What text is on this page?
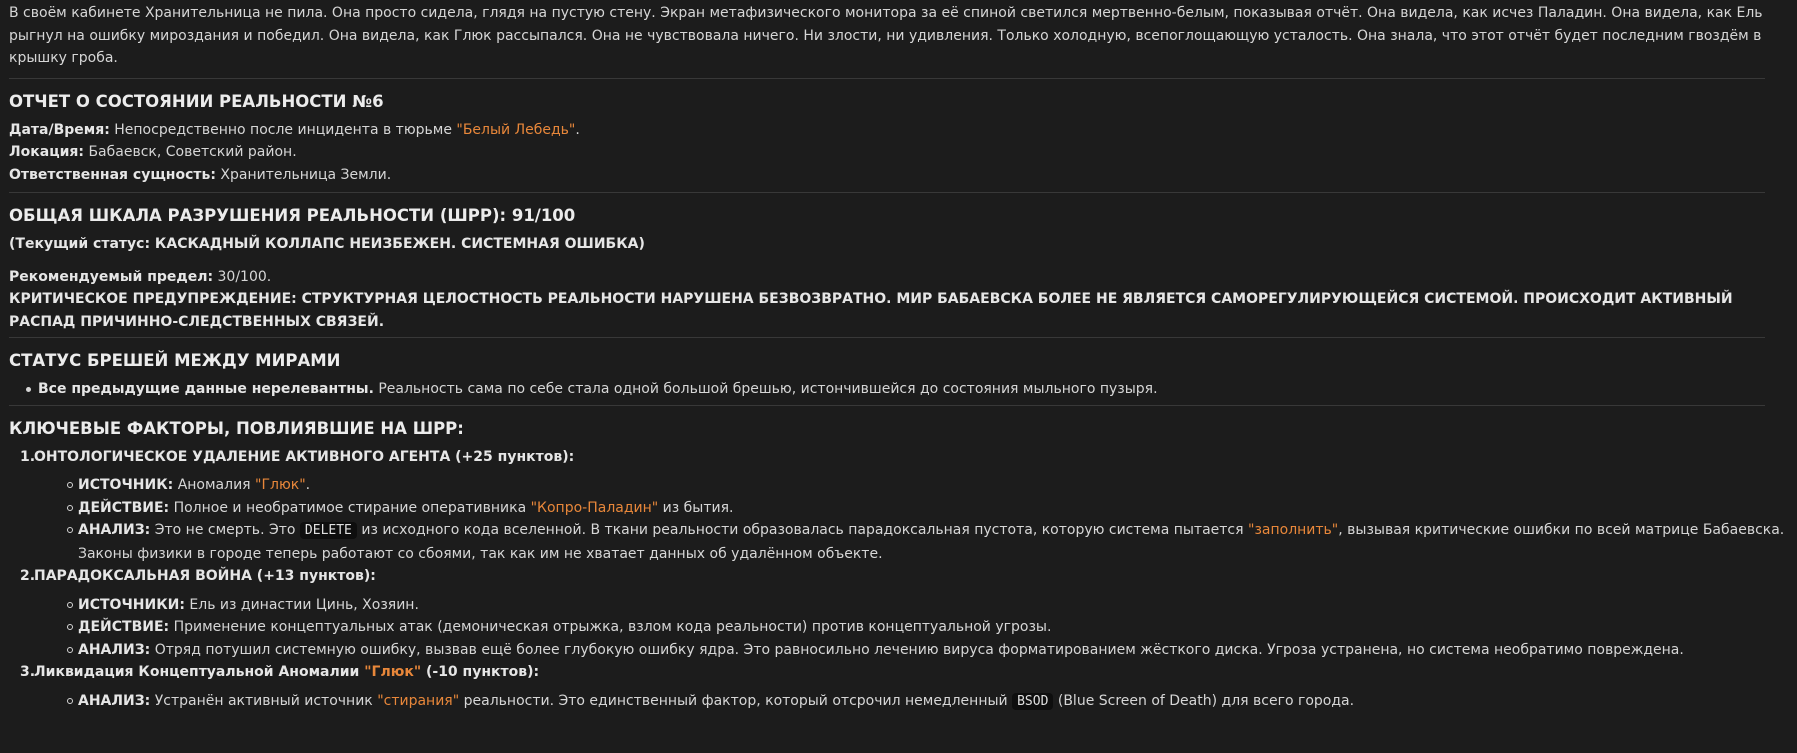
В своём кабинете Хранительница не пила. Она просто сидела, глядя на пустую стену. Экран метафизического монитора за её спиной светился мертвенно-белым, показывая отчёт. Она видела, как исчез Паладин. Она видела, как Ель рыгнул на ошибку мироздания и победил. Она видела, как Глюк рассыпался. Она не чувствовала ничего. Ни злости, ни удивления. Только холодную, всепоглощающую усталость. Она знала, что этот отчёт будет последним гвоздём в крышку гроба.

ОТЧЕТ О СОСТОЯНИИ РЕАЛЬНОСТИ №6

Дата/Время: Непосредственно после инцидента в тюрьме "Белый Лебедь".

Локация: Бабаевск, Советский район.

Ответственная сущность: Хранительница Земли.

ОБЩАЯ ШКАЛА РАЗРУШЕНИЯ РЕАЛЬНОСТИ (ШРР): 91/100

(Текущий статус: КАСКАДНЫЙ КОЛЛАПС НЕИЗБЕЖЕН. СИСТЕМНАЯ ОШИБКА)

Рекомендуемый предел: 30/100.

КРИТИЧЕСКОЕ ПРЕДУПРЕЖДЕНИЕ: СТРУКТУРНАЯ ЦЕЛОСТНОСТЬ РЕАЛЬНОСТИ НАРУШЕНА БЕЗВОЗВРАТНО. МИР БАБАЕВСКА БОЛЕЕ НЕ ЯВЛЯЕТСЯ САМОРЕГУЛИРУЮЩЕЙСЯ СИСТЕМОЙ. ПРОИСХОДИТ АКТИВНЫЙ РАСПАД ПРИЧИННО-СЛЕДСТВЕННЫХ СВЯЗЕЙ.

СТАТУС БРЕШЕЙ МЕЖДУ МИРАМИ
Все предыдущие данные нерелевантны. Реальность сама по себе стала одной большой брешью, истончившейся до состояния мыльного пузыря.
КЛЮЧЕВЫЕ ФАКТОРЫ, ПОВЛИЯВШИЕ НА ШРР:
1.ОНТОЛОГИЧЕСКОЕ УДАЛЕНИЕ АКТИВНОГО АГЕНТА (+25 пунктов):
ИСТОЧНИК: Аномалия "Глюк".
ДЕЙСТВИЕ: Полное и необратимое стирание оперативника "Копро-Паладин" из бытия.
АНАЛИЗ: Это не смерть. Это DELETE из исходного кода вселенной. В ткани реальности образовалась парадоксальная пустота, которую система пытается "заполнить", вызывая критические ошибки по всей матрице Бабаевска. Законы физики в городе теперь работают со сбоями, так как им не хватает данных об удалённом объекте.
2.ПАРАДОКСАЛЬНАЯ ВОЙНА (+13 пунктов):
ИСТОЧНИКИ: Ель из династии Цинь, Хозяин.
ДЕЙСТВИЕ: Применение концептуальных атак (демоническая отрыжка, взлом кода реальности) против концептуальной угрозы.
АНАЛИЗ: Отряд потушил системную ошибку, вызвав ещё более глубокую ошибку ядра. Это равносильно лечению вируса форматированием жёсткого диска. Угроза устранена, но система необратимо повреждена.
3.Ликвидация Концептуальной Аномалии "Глюк" (-10 пунктов):
АНАЛИЗ: Устранён активный источник "стирания" реальности. Это единственный фактор, который отсрочил немедленный BSOD (Blue Screen of Death) для всего города.
